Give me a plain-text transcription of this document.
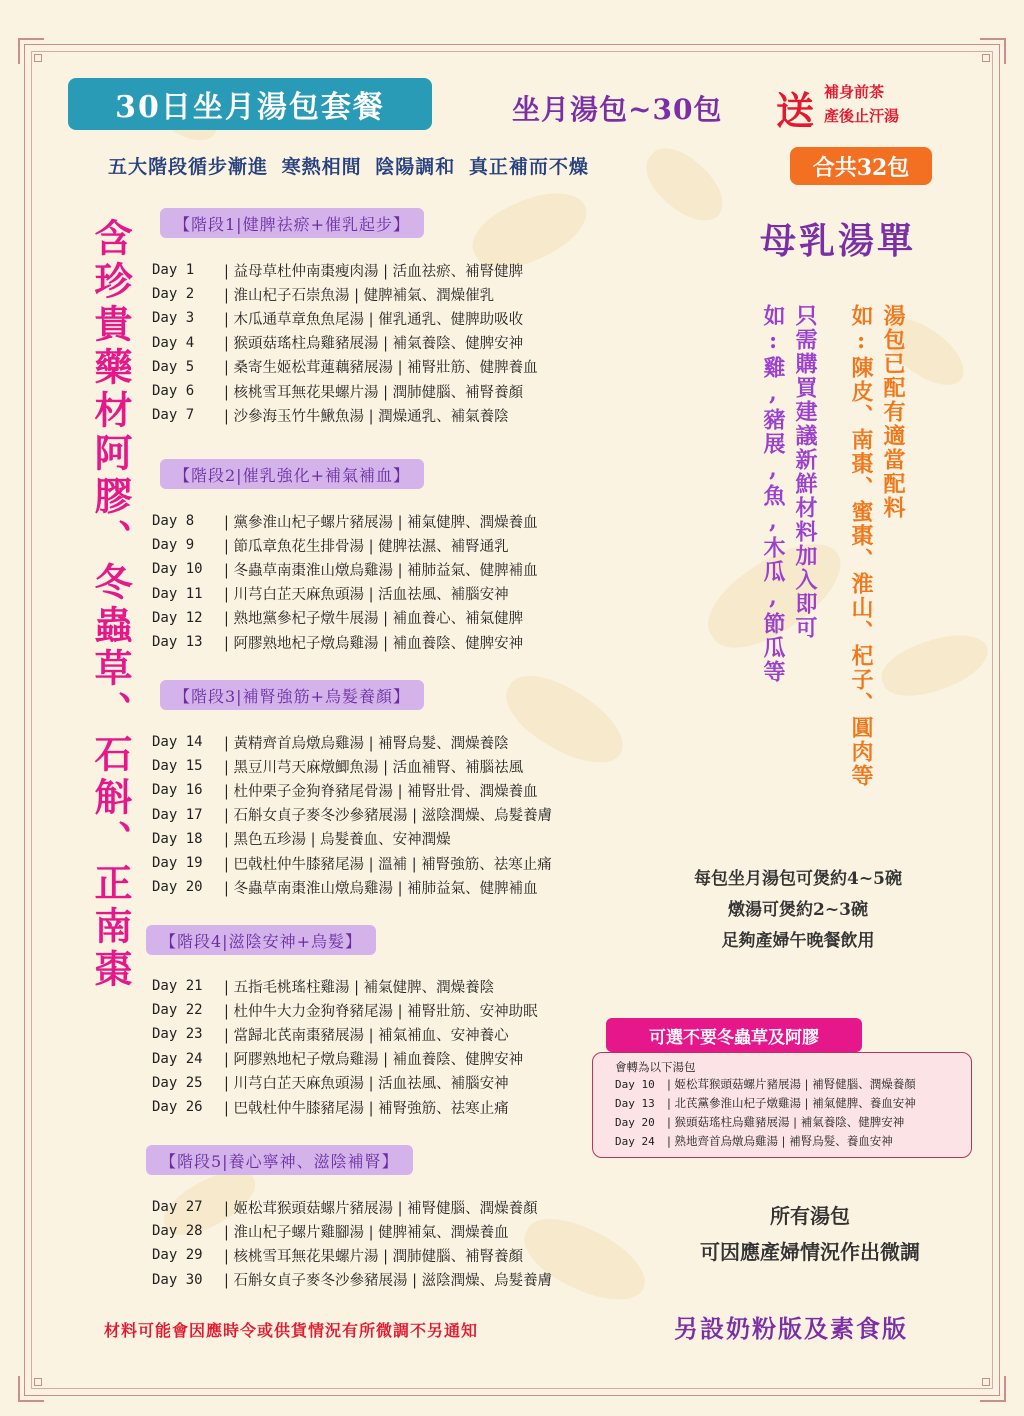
30日坐月湯包套餐	坐月湯包~30包 送 補身前茶
產後止汗湯
五大階段循步漸進 寒熱相間 陰陽調和 真正補而不燥	合共32包
含珍貴藥材阿膠、冬蟲草、石斛、正南棗	【階段1|健脾祛瘀+催乳起步】
Day 1	| 益母草杜仲南棗瘦肉湯 | 活血祛瘀、補腎健脾
Day 2	| 淮山杞子石崇魚湯 | 健脾補氣、潤燥催乳
Day 3	| 木瓜通草章魚魚尾湯 | 催乳通乳、健脾助吸收
Day 4	| 猴頭菇瑤柱烏雞豬展湯 | 補氣養陰、健脾安神
Day 5	| 桑寄生姬松茸蓮藕豬展湯 | 補腎壯筋、健脾養血
Day 6	| 核桃雪耳無花果螺片湯 | 潤肺健腦、補腎養顏
Day 7	| 沙參海玉竹牛鰍魚湯 | 潤燥通乳、補氣養陰
【階段2|催乳強化+補氣補血】
Day 8	| 黨參淮山杞子螺片豬展湯 | 補氣健脾、潤燥養血
Day 9	| 節瓜章魚花生排骨湯 | 健脾祛濕、補腎通乳
Day 10	| 冬蟲草南棗淮山燉烏雞湯 | 補肺益氣、健脾補血
Day 11	| 川芎白芷天麻魚頭湯 | 活血祛風、補腦安神
Day 12	| 熟地黨參杞子燉牛展湯 | 補血養心、補氣健脾
Day 13	| 阿膠熟地杞子燉烏雞湯 | 補血養陰、健脾安神
【階段3|補腎強筋+烏髮養顏】
Day 14	| 黃精齊首烏燉烏雞湯 | 補腎烏髮、潤燥養陰
Day 15	| 黑豆川芎天麻燉鯽魚湯 | 活血補腎、補腦祛風
Day 16	| 杜仲栗子金狗脊豬尾骨湯 | 補腎壯骨、潤燥養血
Day 17	| 石斛女貞子麥冬沙參豬展湯 | 滋陰潤燥、烏髮養膚
Day 18	| 黑色五珍湯 | 烏髮養血、安神潤燥
Day 19	| 巴戟杜仲牛膝豬尾湯 | 溫補 | 補腎強筋、祛寒止痛
Day 20	| 冬蟲草南棗淮山燉烏雞湯 | 補肺益氣、健脾補血
【階段4|滋陰安神+烏髮】
Day 21	| 五指毛桃瑤柱雞湯 | 補氣健脾、潤燥養陰
Day 22	| 杜仲牛大力金狗脊豬尾湯 | 補腎壯筋、安神助眠
Day 23	| 當歸北芪南棗豬展湯 | 補氣補血、安神養心
Day 24	| 阿膠熟地杞子燉烏雞湯 | 補血養陰、健脾安神
Day 25	| 川芎白芷天麻魚頭湯 | 活血祛風、補腦安神
Day 26	| 巴戟杜仲牛膝豬尾湯 | 補腎強筋、祛寒止痛
【階段5|養心寧神、滋陰補腎】
Day 27	| 姬松茸猴頭菇螺片豬展湯 | 補腎健腦、潤燥養顏
Day 28	| 淮山杞子螺片雞腳湯 | 健脾補氣、潤燥養血
Day 29	| 核桃雪耳無花果螺片湯 | 潤肺健腦、補腎養顏
Day 30	| 石斛女貞子麥冬沙參豬展湯 | 滋陰潤燥、烏髮養膚
母乳湯單
湯包已配有適當配料
如:陳皮、南棗、蜜棗、淮山、杞子、圓肉等
只需購買建議新鮮材料加入即可
如:雞,豬展,魚,木瓜,節瓜等
每包坐月湯包可煲約4~5碗
燉湯可煲約2~3碗
足夠產婦午晚餐飲用
可選不要冬蟲草及阿膠
會轉為以下湯包
Day 10 | 姬松茸猴頭菇螺片豬展湯 | 補腎健腦、潤燥養顏
Day 13 | 北芪黨參淮山杞子燉雞湯 | 補氣健脾、養血安神
Day 20 | 猴頭菇瑤柱烏雞豬展湯 | 補氣養陰、健脾安神
Day 24 | 熟地齊首烏燉烏雞湯 | 補腎烏髮、養血安神
所有湯包
可因應產婦情況作出微調
材料可能會因應時令或供貨情況有所微調不另通知	另設奶粉版及素食版
